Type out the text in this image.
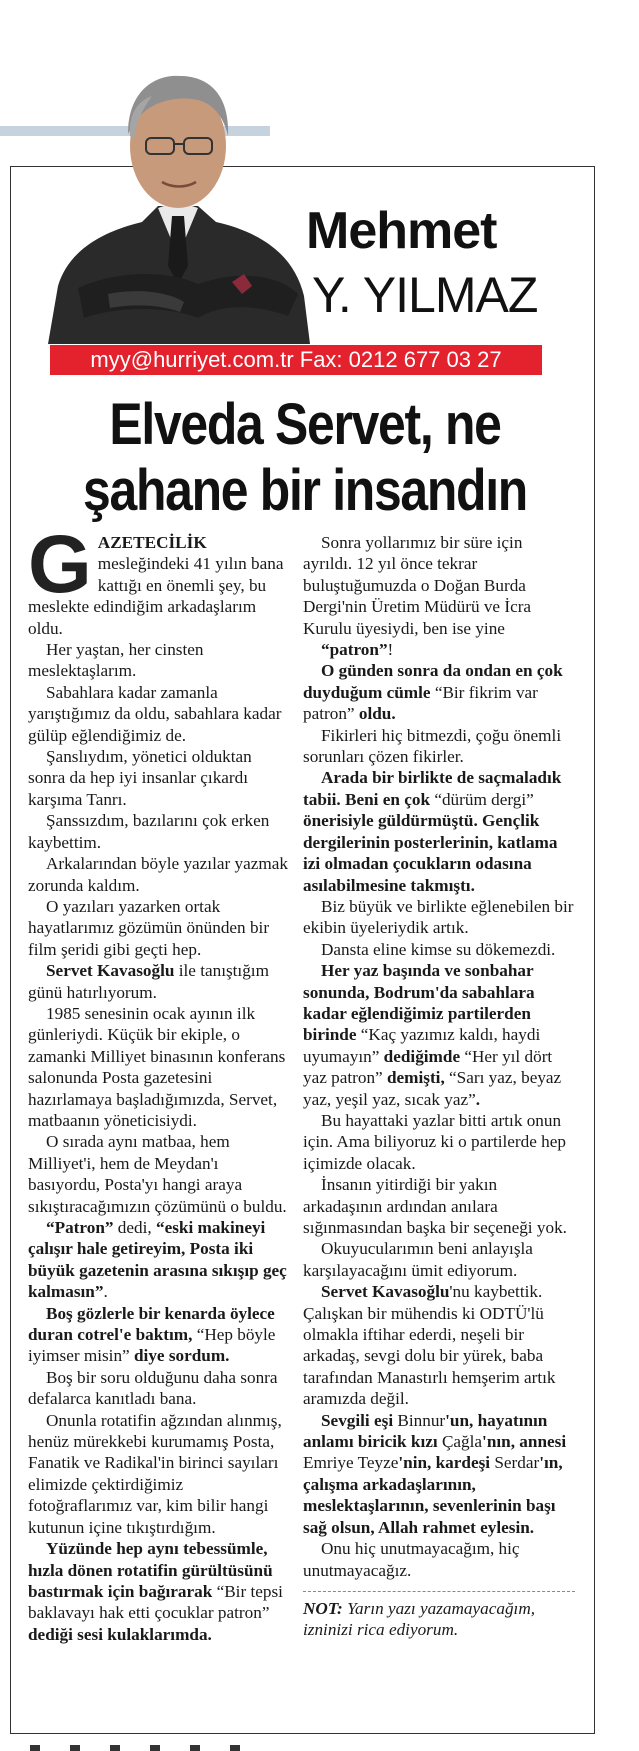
Mehmet
Y. YILMAZ
myy@hurriyet.com.tr Fax: 0212 677 03 27
Elveda Servet, ne
şahane bir insandın

GAZETECİLİK mesleğindeki 41 yılın bana kattığı en önemli şey, bu meslekte edindiğim arkadaşlarım oldu.

Her yaştan, her cinsten meslektaşlarım.

Sabahlara kadar zamanla yarıştığımız da oldu, sabahlara kadar gülüp eğlendiğimiz de.

Şanslıydım, yönetici olduktan sonra da hep iyi insanlar çıkardı karşıma Tanrı.

Şanssızdım, bazılarını çok erken kaybettim.

Arkalarından böyle yazılar yazmak zorunda kaldım.

O yazıları yazarken ortak hayatlarımız gözümün önünden bir film şeridi gibi geçti hep.

Servet Kavasoğlu ile tanıştığım günü hatırlıyorum.

1985 senesinin ocak ayının ilk günleriydi. Küçük bir ekiple, o zamanki Milliyet binasının konferans salonunda Posta gazetesini hazırlamaya başladığımızda, Servet, matbaanın yöneticisiydi.

O sırada aynı matbaa, hem Milliyet'i, hem de Meydan'ı basıyordu, Posta'yı hangi araya sıkıştıracağımızın çözümünü o buldu.

“Patron” dedi, “eski makineyi çalışır hale getireyim, Posta iki büyük gazetenin arasına sıkışıp geç kalmasın”.

Boş gözlerle bir kenarda öylece duran cotrel'e baktım, “Hep böyle iyimser misin” diye sordum.

Boş bir soru olduğunu daha sonra defalarca kanıtladı bana.

Onunla rotatifin ağzından alınmış, henüz mürekkebi kurumamış Posta, Fanatik ve Radikal'in birinci sayıları elimizde çektirdiğimiz fotoğraflarımız var, kim bilir hangi kutunun içine tıkıştırdığım.

Yüzünde hep aynı tebessümle, hızla dönen rotatifin gürültüsünü bastırmak için bağırarak “Bir tepsi baklavayı hak etti çocuklar patron” dediği sesi kulaklarımda.

Sonra yollarımız bir süre için ayrıldı. 12 yıl önce tekrar buluştuğumuzda o Doğan Burda Dergi'nin Üretim Müdürü ve İcra Kurulu üyesiydi, ben ise yine

“patron”!

O günden sonra da ondan en çok duyduğum cümle “Bir fikrim var patron” oldu.

Fikirleri hiç bitmezdi, çoğu önemli sorunları çözen fikirler.

Arada bir birlikte de saçmaladık tabii. Beni en çok “dürüm dergi” önerisiyle güldürmüştü. Gençlik dergilerinin posterlerinin, katlama izi olmadan çocukların odasına asılabilmesine takmıştı.

Biz büyük ve birlikte eğlenebilen bir ekibin üyeleriydik artık.

Dansta eline kimse su dökemezdi.

Her yaz başında ve sonbahar sonunda, Bodrum'da sabahlara kadar eğlendiğimiz partilerden birinde “Kaç yazımız kaldı, haydi uyumayın” dediğimde “Her yıl dört yaz patron” demişti, “Sarı yaz, beyaz yaz, yeşil yaz, sıcak yaz”.

Bu hayattaki yazlar bitti artık onun için. Ama biliyoruz ki o partilerde hep içimizde olacak.

İnsanın yitirdiği bir yakın arkadaşının ardından anılara sığınmasından başka bir seçeneği yok.

Okuyucularımın beni anlayışla karşılayacağını ümit ediyorum.

Servet Kavasoğlu'nu kaybettik. Çalışkan bir mühendis ki ODTÜ'lü olmakla iftihar ederdi, neşeli bir arkadaş, sevgi dolu bir yürek, baba tarafından Manastırlı hemşerim artık aramızda değil.

Sevgili eşi Binnur'un, hayatının anlamı biricik kızı Çağla'nın, annesi Emriye Teyze'nin, kardeşi Serdar'ın, çalışma arkadaşlarının, meslektaşlarının, sevenlerinin başı sağ olsun, Allah rahmet eylesin.

Onu hiç unutmayacağım, hiç unutmayacağız.

NOT: Yarın yazı yazamayacağım, izninizi rica ediyorum.
